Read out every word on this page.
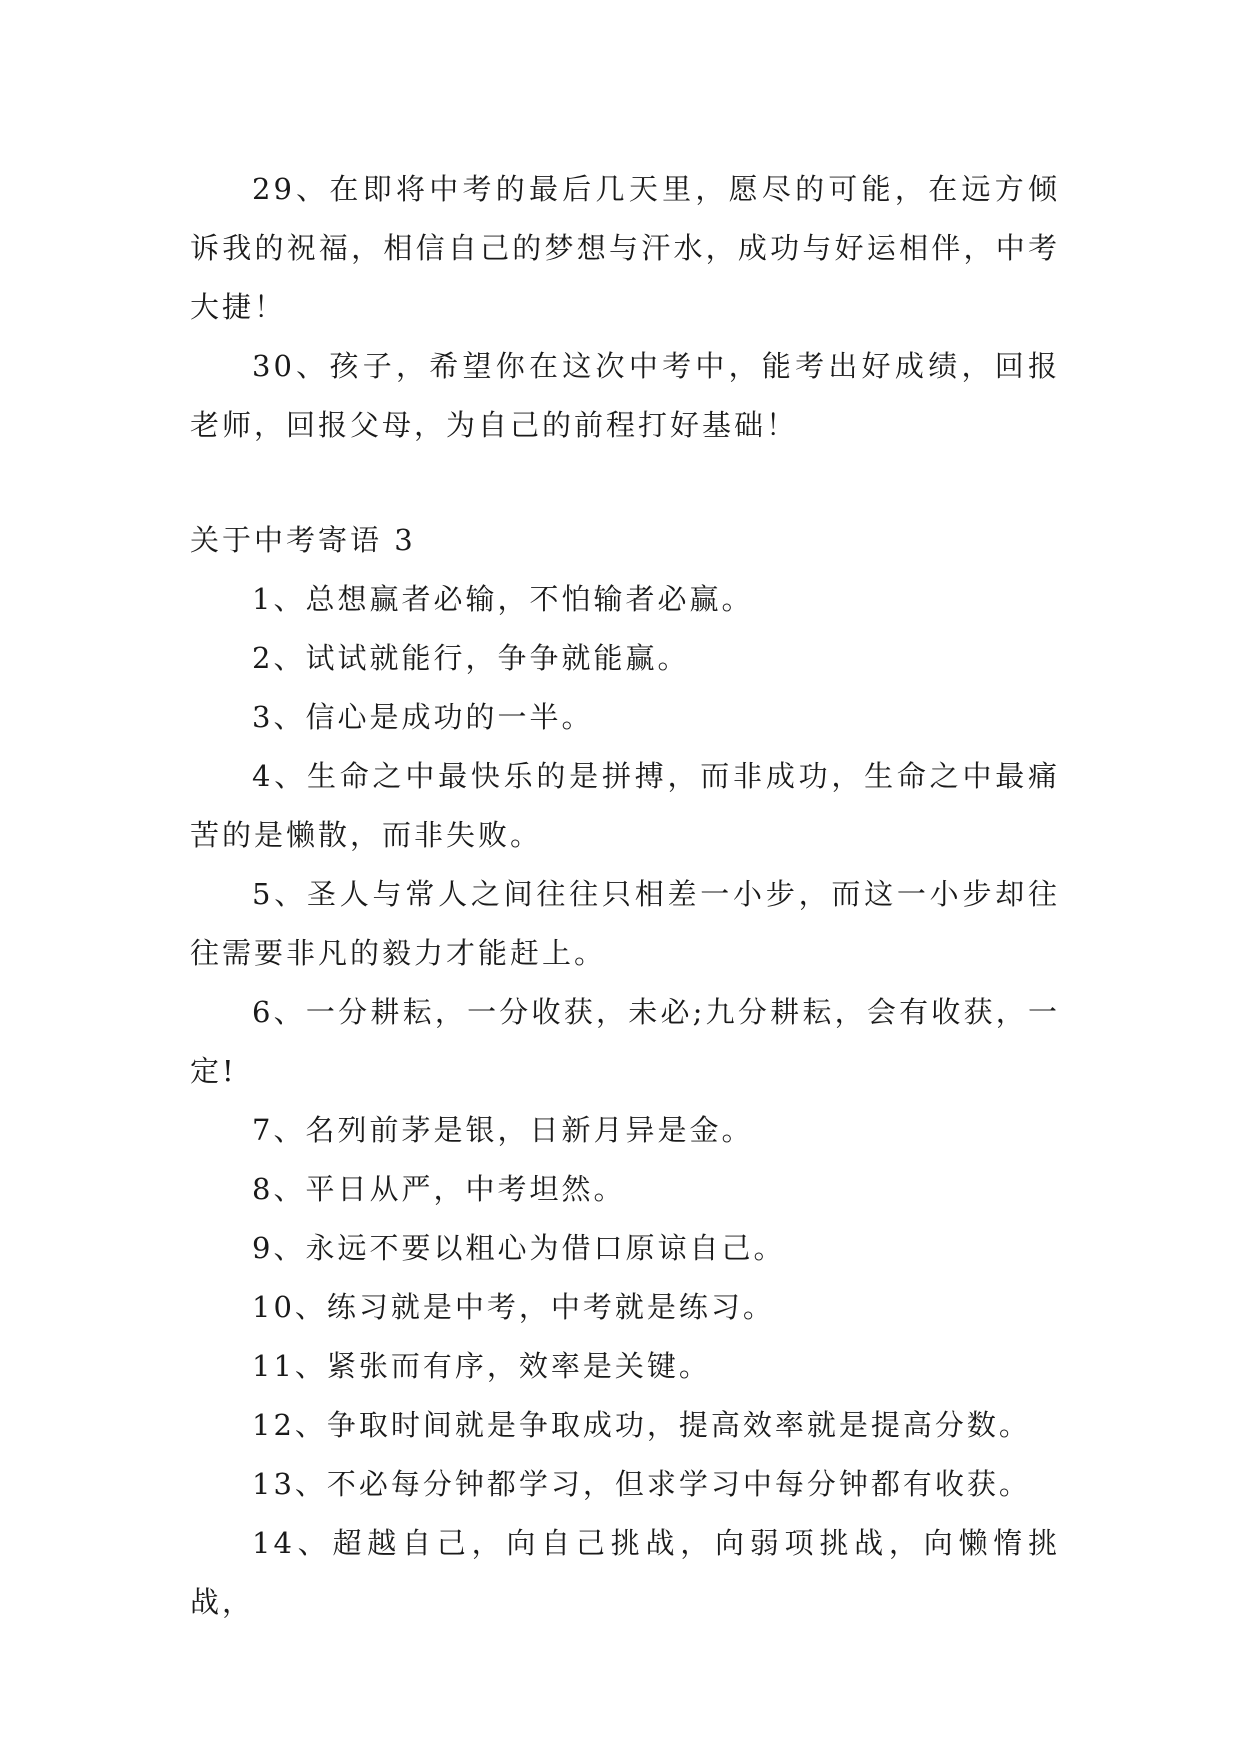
29、在即将中考的最后几天里，愿尽的可能，在远方倾诉我的祝福，相信自己的梦想与汗水，成功与好运相伴，中考大捷！

30、孩子，希望你在这次中考中，能考出好成绩，回报老师，回报父母，为自己的前程打好基础！

关于中考寄语 3

1、总想赢者必输，不怕输者必赢。

2、试试就能行，争争就能赢。

3、信心是成功的一半。

4、生命之中最快乐的是拼搏，而非成功，生命之中最痛苦的是懒散，而非失败。

5、圣人与常人之间往往只相差一小步，而这一小步却往往需要非凡的毅力才能赶上。

6、一分耕耘，一分收获，未必;九分耕耘，会有收获，一定!

7、名列前茅是银，日新月异是金。

8、平日从严，中考坦然。

9、永远不要以粗心为借口原谅自己。

10、练习就是中考，中考就是练习。

11、紧张而有序，效率是关键。

12、争取时间就是争取成功，提高效率就是提高分数。

13、不必每分钟都学习，但求学习中每分钟都有收获。

14、超越自己，向自己挑战，向弱项挑战，向懒惰挑战，
